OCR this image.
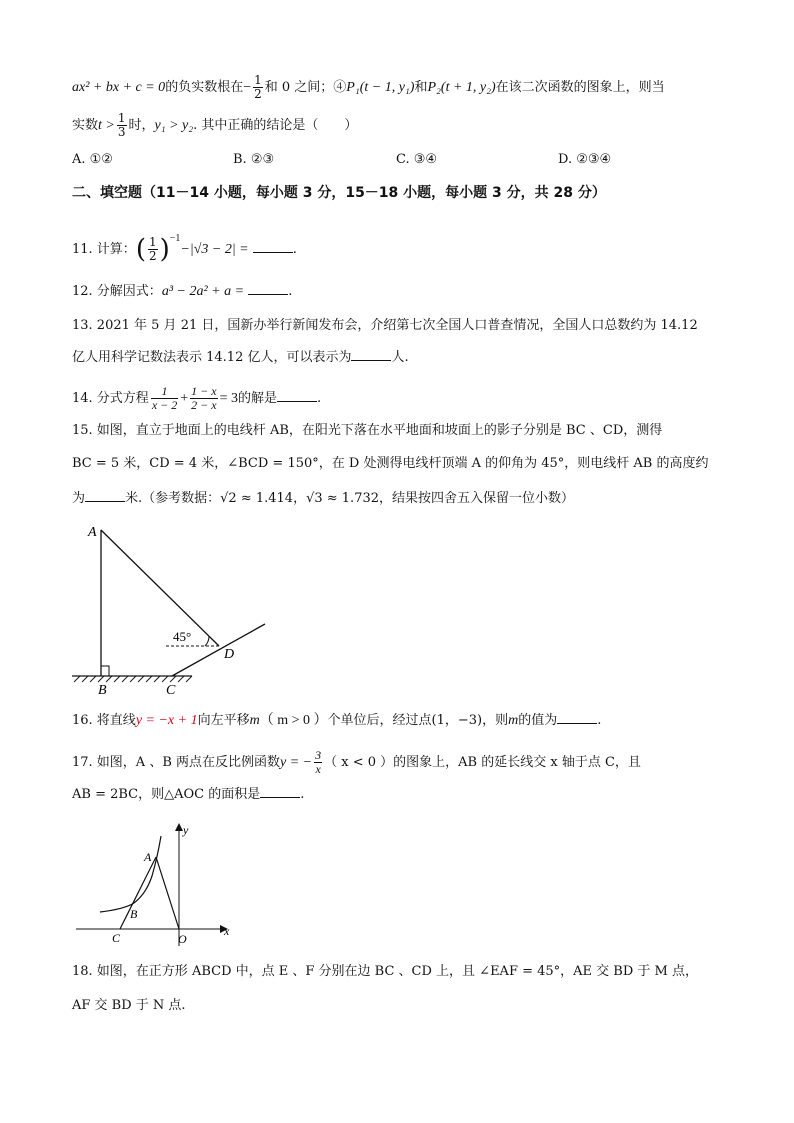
ax² + bx + c = 0的负实数根在− $\frac{1}{2}$ 和 0 之间；④P₁(t − 1, y₁)和P₂(t + 1, y₂)在该二次函数的图象上，则当
实数$t > \frac{1}{3}$ 时，y₁ > y₂. 其中正确的结论是（　　）
A. ①②	B. ②③	C. ③④	D. ②③④
二、填空题（11－14 小题，每小题 3 分，15－18 小题，每小题 3 分，共 28 分）
11. 计算：( $\frac{1}{2} )^{-1}-|√3 - 2|$ =	.
12. 分解因式：a³ − 2a² + a =	.
13. 2021 年 5 月 21 日，国新办举行新闻发布会，介绍第七次全国人口普查情况，全国人口总数约为 14.12
亿人用科学记数法表示 14.12 亿人，可以表示为	人.
14. 分式方程 $\frac{1}{x - 2} + \frac{1 - x}{2 - x} = 3$的解是	.
15. 如图，直立于地面上的电线杆 AB，在阳光下落在水平地面和坡面上的影子分别是 BC 、CD，测得
BC = 5 米，CD = 4 米，∠BCD = 150°，在 D 处测得电线杆顶端 A 的仰角为 45°，则电线杆 AB 的高度约
为	米.（参考数据：√2 ≈ 1.414，√3 ≈ 1.732，结果按四舍五入保留一位小数）
A
B	C
D
45°
16. 将直线y = −x + 1向左平移m（ m > 0 ）个单位后，经过点(1，−3)，则m的值为	.
17. 如图，A 、B 两点在反比例函数y = − $\frac{3}{x}$ （ x < 0 ）的图象上，AB 的延长线交 x 轴于点 C，且
AB = 2BC，则△AOC 的面积是	.
A
B
C	O
x
y
18. 如图，在正方形 ABCD 中，点 E 、F 分别在边 BC 、CD 上，且 ∠EAF = 45°，AE 交 BD 于 M 点，
AF 交 BD 于 N 点.
